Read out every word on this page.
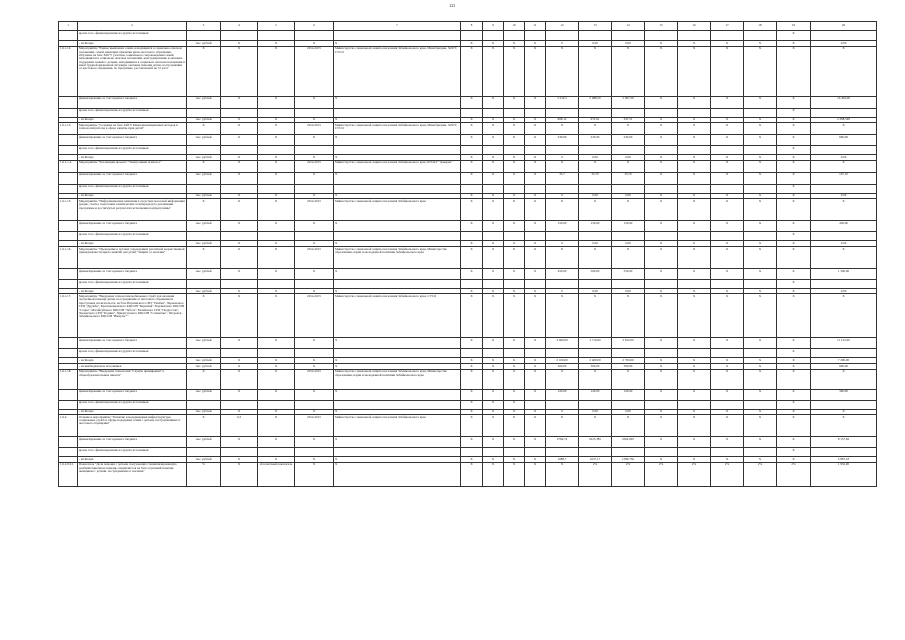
221
1	2	3	4	5	6	7	8	9	10	11	12	13	14	15	16	17	18	19	20
	кроме того, финансирование из других источников:																	X	
	- из Фонда	тыс. рублей	X	X	X	X	X	X	X	X	0	0,00	0,00	X	X	X	X	X	0,00
1.6.1.12.	Мероприятие "Раннее выявление семей, находящихся в социально опасном положении, семей, имеющих признаки риска жестокого обращения. Обучение на базе ЗабГУ участков социального сопровождения семей, находящихся в социально опасном положении, конструирование и оказание поддержки семьям с детьми, находящимся в социально опасном положении и иной трудной жизненной ситуации, оказание помощи детям, пострадавшим от жестокого обращения, по программе, рассчитанной на 72 часа"	X	X	X	2014-2015	Министерство социальной защиты населения Забайкальского края, Минобрнауки, ЗабГУ, СУСО	X	X	X	X	X	X	X	X	X	X	X	X	X
	финансирование за счет краевого бюджета	тыс. рублей	X	X	X	X	X	X	X	X	5 210,5	5 488,50	5 697,59	X	X	X	X	X	16 404,00
	кроме того, финансирование из других источников:																	X	
	- из Фонда	тыс. рублей	X	X	X	X	X	X	X	X	968,12	972,91	347,51	X	X	X	X	X	2 288,548
1.6.1.13.	Мероприятие "Создание на базе ЗабГУ Банка инновационных методов и технологий работы в сфере защиты прав детей"	X	X	X	2014-2015	Министерство социальной защиты населения Забайкальского края, Минобрнауки, ЗабГУ, СУСО	X	X	X	X	X	X	X	X	X	X	X	X	X
	финансирование за счет краевого бюджета	тыс. рублей	X	X	X	X	X	X	X	X	230,00	230,00	230,00	X	X	X	X	X	690,00
	кроме того, финансирование из других источников:																	X	
	- из Фонда	тыс. рублей	X	X	X	X	X	X	X	X	0	0,00	0,00	X	X	X	X	X	0,00
1.6.1.1.4.	Мероприятие "Реализация проекта "Электронный психолог"	X	X	X	2014-2015	Министерство социальной защиты населения Забайкальского края, КГСКУ "Доверие"	X	X	X	X	X	X	X	X	X	X	X	X	X
	финансирование за счет краевого бюджета	тыс. рублей	X	X	X	X	X	X	X	X	35,7	35,70	35,70	X	X	X	X	X	107,10
	кроме того, финансирование из других источников:																	X	
	- из Фонда	тыс. рублей	X	X	X	X	X	X	X	X	0	0,00	0,00	X	X	X	X	X	0,00
1.6.1.15.	Мероприятие "Информационная кампания в средствах массовой информации (радио, газеты, подготовка тематических телепередач) по реализации программы и достигнутых результатах исполнения подпрограммы"	X	X	X	2014-2015	Министерство социальной защиты населения Забайкальского края	X	X	X	X	X	X	X	X	X	X	X	X	X
	финансирование за счет краевого бюджета	тыс. рублей	X	X	X	X	X	X	X	X	150,00	150,00	150,00	X	X	X	X	X	450,00
	кроме того, финансирование из других источников:																	X	
	- из Фонда	тыс. рублей	X	X	X	X	X	X	X	X	0	0,00	0,00	X	X	X	X	X	0,00
1.6.1.16.	Мероприятие "Проведение в детских учреждениях различной ведомственной принадлежности цикла занятий для детей "Защити от насилия"	X	X	X	2014-2015	Министерство социальной защиты населения Забайкальского края, Министерство образования, науки и молодежной политики Забайкальского края	X	X	X	X	X	X	X	X	X	X	X	X	X
	финансирование за счет краевого бюджета	тыс. рублей	X	X	X	X	X	X	X	X	450,00	500,00	550,00	X	X	X	X	X	1 500,00
	кроме того, финансирование из других источников:																	X	
	- из Фонда	тыс. рублей	X	X	X	X	X	X	X	X	0	0,00	0,00	X	X	X	X	X	0,00
1.6.1.17.	Мероприятие "Внедрение технологии мобильных служб для оказания экстренной помощи детям, пострадавшим от жестокого обращения и преступных посягательств, на базе Нерчинского СРЦ "Улыбка", Черновского СРЦ "Дружба", Краснокаменского КЦСОН "Берегиня", Борзинского КЦСОН "Садко", Могойтуйского КЦСОН "Забота", Балейского СРЦ "Подросток", Хилокского СРЦ "Родник", Приаргунского КЦСОН "Солнышко", Петровск-Забайкальского КЦСОН "Импульс""	X	X	X	2014-2015	Министерство социальной защиты населения Забайкальского края, СУСО	X	X	X	X	X	X	X	X	X	X	X	X	X
	финансирование за счет краевого бюджета	тыс. рублей	X	X	X	X	X	X	X	X	3 600,00	3 710,00	3 812,00	X	X	X	X	X	11 122,00
	кроме того, финансирование из других источников:																	X	
	- из Фонда	тыс. рублей	X	X	X	X	X	X	X	X	2 100,00	2 400,00	2 700,00	X	X	X	X	X	7 200,00
	- из внебюджетных источников	тыс. рублей	X	X	X	X	X	X	X	X	300,00	300,00	300,00	X	X	X	X	X	900,00
1.6.1.18.	Мероприятие "Внедрение технологии "Служба примирения" в общеобразовательных школах"	X	X	X	2014-2015	Министерство социальной защиты населения Забайкальского края, Министерство образования, науки и молодежной политики Забайкальского края	X	X	X	X	X	X	X	X	X	X	X	X	X
	финансирование за счет краевого бюджета	тыс. рублей	X	X	X	X	X	X	X	X	120,00	120,00	120,00	X	X	X	X	X	360,00
	кроме того, финансирование из других источников:						X	X	X									X	
	- из Фонда	тыс. рублей	X	X	X	X	X	X	X	X	0	0,00	0,00	X	X	X	X	X	X
1.6.2.	Основное мероприятие "Развитие и модернизация инфраструктуры социальных служб и сферы поддержки семей с детьми, пострадавшими от жестокого обращения"	X	0,3	X	2014-2015	Министерство социальной защиты населения Забайкальского края	X	X	X	X	X	X	X	X	X	X	X	X	X
	финансирование за счет краевого бюджета	тыс. рублей	X	X	X	X	X	X	X	X	2769,74	2225,385	2562,695	X	X	X	X	X	8 157,82
	кроме того, финансирование из других источников:																	X	
	- из Фонда	тыс. рублей	X	X	X	X	X	X	X	X	1688,7	1637,17	1589,756	X	X	X	X	X	4 887,63
1.6.2.0.0.1.	Показатель "Доля помощи с детьми, получающих специализированную реабилитационную помощь специалистов на базе отделений помощи женщинам с детьми, пострадавшим от насилия"	%	X	абсолютный показатель	X	X	X	X	X	X	X	2%	2%	2%	2%	2%	2%	2%	1 932,00
